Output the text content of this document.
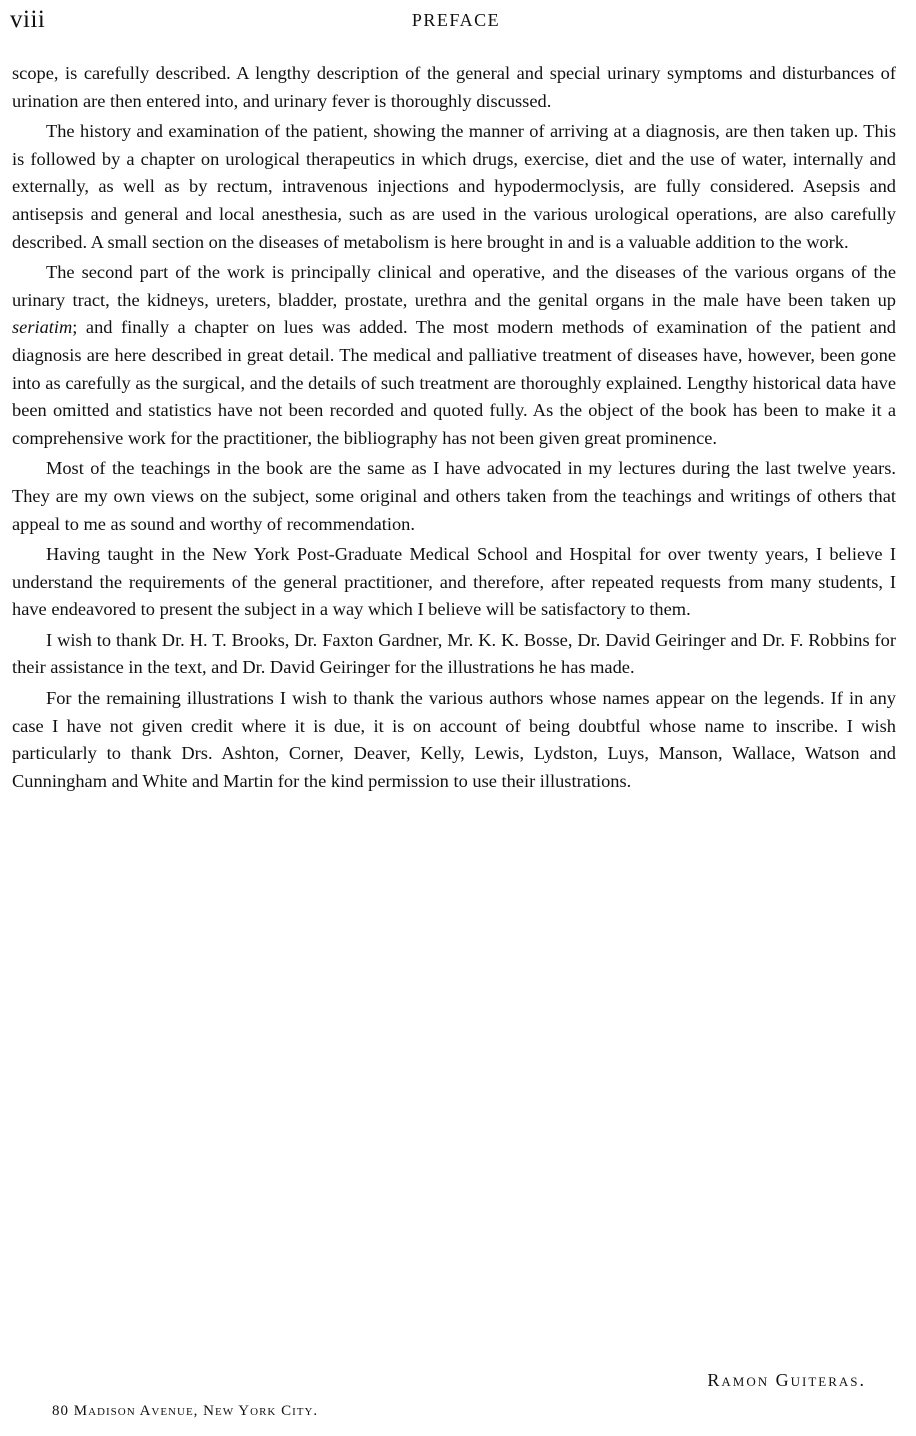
viii	PREFACE

scope, is carefully described. A lengthy description of the general and special urinary symptoms and disturbances of urination are then entered into, and urinary fever is thoroughly discussed.

The history and examination of the patient, showing the manner of arriving at a diagnosis, are then taken up. This is followed by a chapter on urological therapeutics in which drugs, exercise, diet and the use of water, internally and externally, as well as by rectum, intravenous injections and hypodermoclysis, are fully considered. Asepsis and antisepsis and general and local anesthesia, such as are used in the various urological operations, are also carefully described. A small section on the diseases of metabolism is here brought in and is a valuable addition to the work.

The second part of the work is principally clinical and operative, and the diseases of the various organs of the urinary tract, the kidneys, ureters, bladder, prostate, urethra and the genital organs in the male have been taken up seriatim; and finally a chapter on lues was added. The most modern methods of examination of the patient and diagnosis are here described in great detail. The medical and palliative treatment of diseases have, however, been gone into as carefully as the surgical, and the details of such treatment are thoroughly explained. Lengthy historical data have been omitted and statistics have not been recorded and quoted fully. As the object of the book has been to make it a comprehensive work for the practitioner, the bibliography has not been given great prominence.

Most of the teachings in the book are the same as I have advocated in my lectures during the last twelve years. They are my own views on the subject, some original and others taken from the teachings and writings of others that appeal to me as sound and worthy of recommendation.

Having taught in the New York Post-Graduate Medical School and Hospital for over twenty years, I believe I understand the requirements of the general practitioner, and therefore, after repeated requests from many students, I have endeavored to present the subject in a way which I believe will be satisfactory to them.

I wish to thank Dr. H. T. Brooks, Dr. Faxton Gardner, Mr. K. K. Bosse, Dr. David Geiringer and Dr. F. Robbins for their assistance in the text, and Dr. David Geiringer for the illustrations he has made.

For the remaining illustrations I wish to thank the various authors whose names appear on the legends. If in any case I have not given credit where it is due, it is on account of being doubtful whose name to inscribe. I wish particularly to thank Drs. Ashton, Corner, Deaver, Kelly, Lewis, Lydston, Luys, Manson, Wallace, Watson and Cunningham and White and Martin for the kind permission to use their illustrations.

Ramon Guiteras.
80 Madison Avenue, New York City.
